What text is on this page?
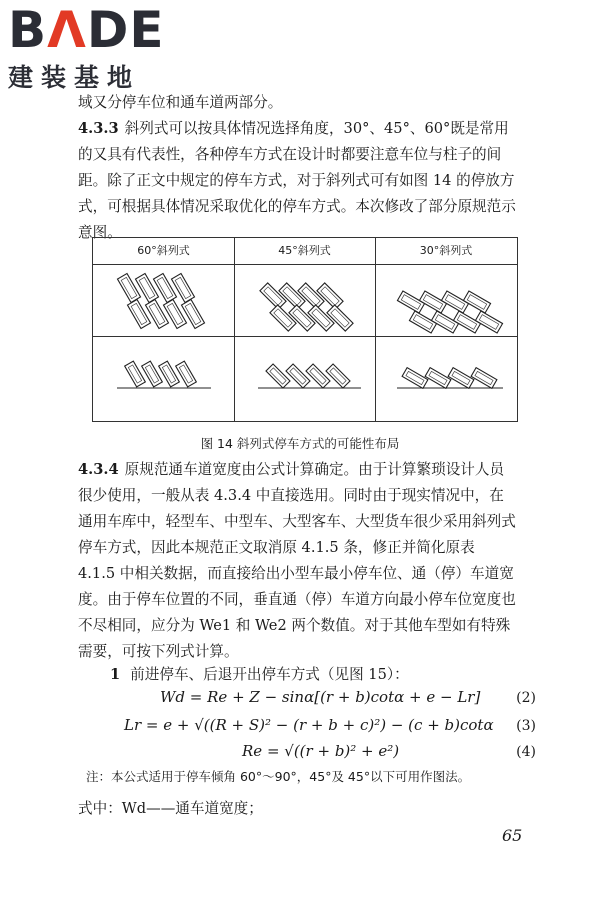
BΛDE
建装基地
域又分停车位和通车道两部分。
4.3.3 斜列式可以按具体情况选择角度，30°、45°、60°既是常用的又具有代表性，各种停车方式在设计时都要注意车位与柱子的间距。除了正文中规定的停车方式，对于斜列式可有如图 14 的停放方式，可根据具体情况采取优化的停车方式。本次修改了部分原规范示意图。
60°斜列式	45°斜列式	30°斜列式
图 14 斜列式停车方式的可能性布局
4.3.4 原规范通车道宽度由公式计算确定。由于计算繁琐设计人员很少使用，一般从表 4.3.4 中直接选用。同时由于现实情况中，在通用车库中，轻型车、中型车、大型客车、大型货车很少采用斜列式停车方式，因此本规范正文取消原 4.1.5 条，修正并简化原表 4.1.5 中相关数据，而直接给出小型车最小停车位、通（停）车道宽度。由于停车位置的不同，垂直通（停）车道方向最小停车位宽度也不尽相同，应分为 We1 和 We2 两个数值。对于其他车型如有特殊需要，可按下列式计算。
1 前进停车、后退开出停车方式（见图 15）：
Wd = Re + Z − sinα[(r + b)cotα + e − Lr]	(2)
Lr = e + √((R + S)² − (r + b + c)²) − (c + b)cotα (3)
Re = √((r + b)² + e²)	(4)
注：本公式适用于停车倾角 60°～90°，45°及 45°以下可用作图法。
式中：Wd——通车道宽度；
65
